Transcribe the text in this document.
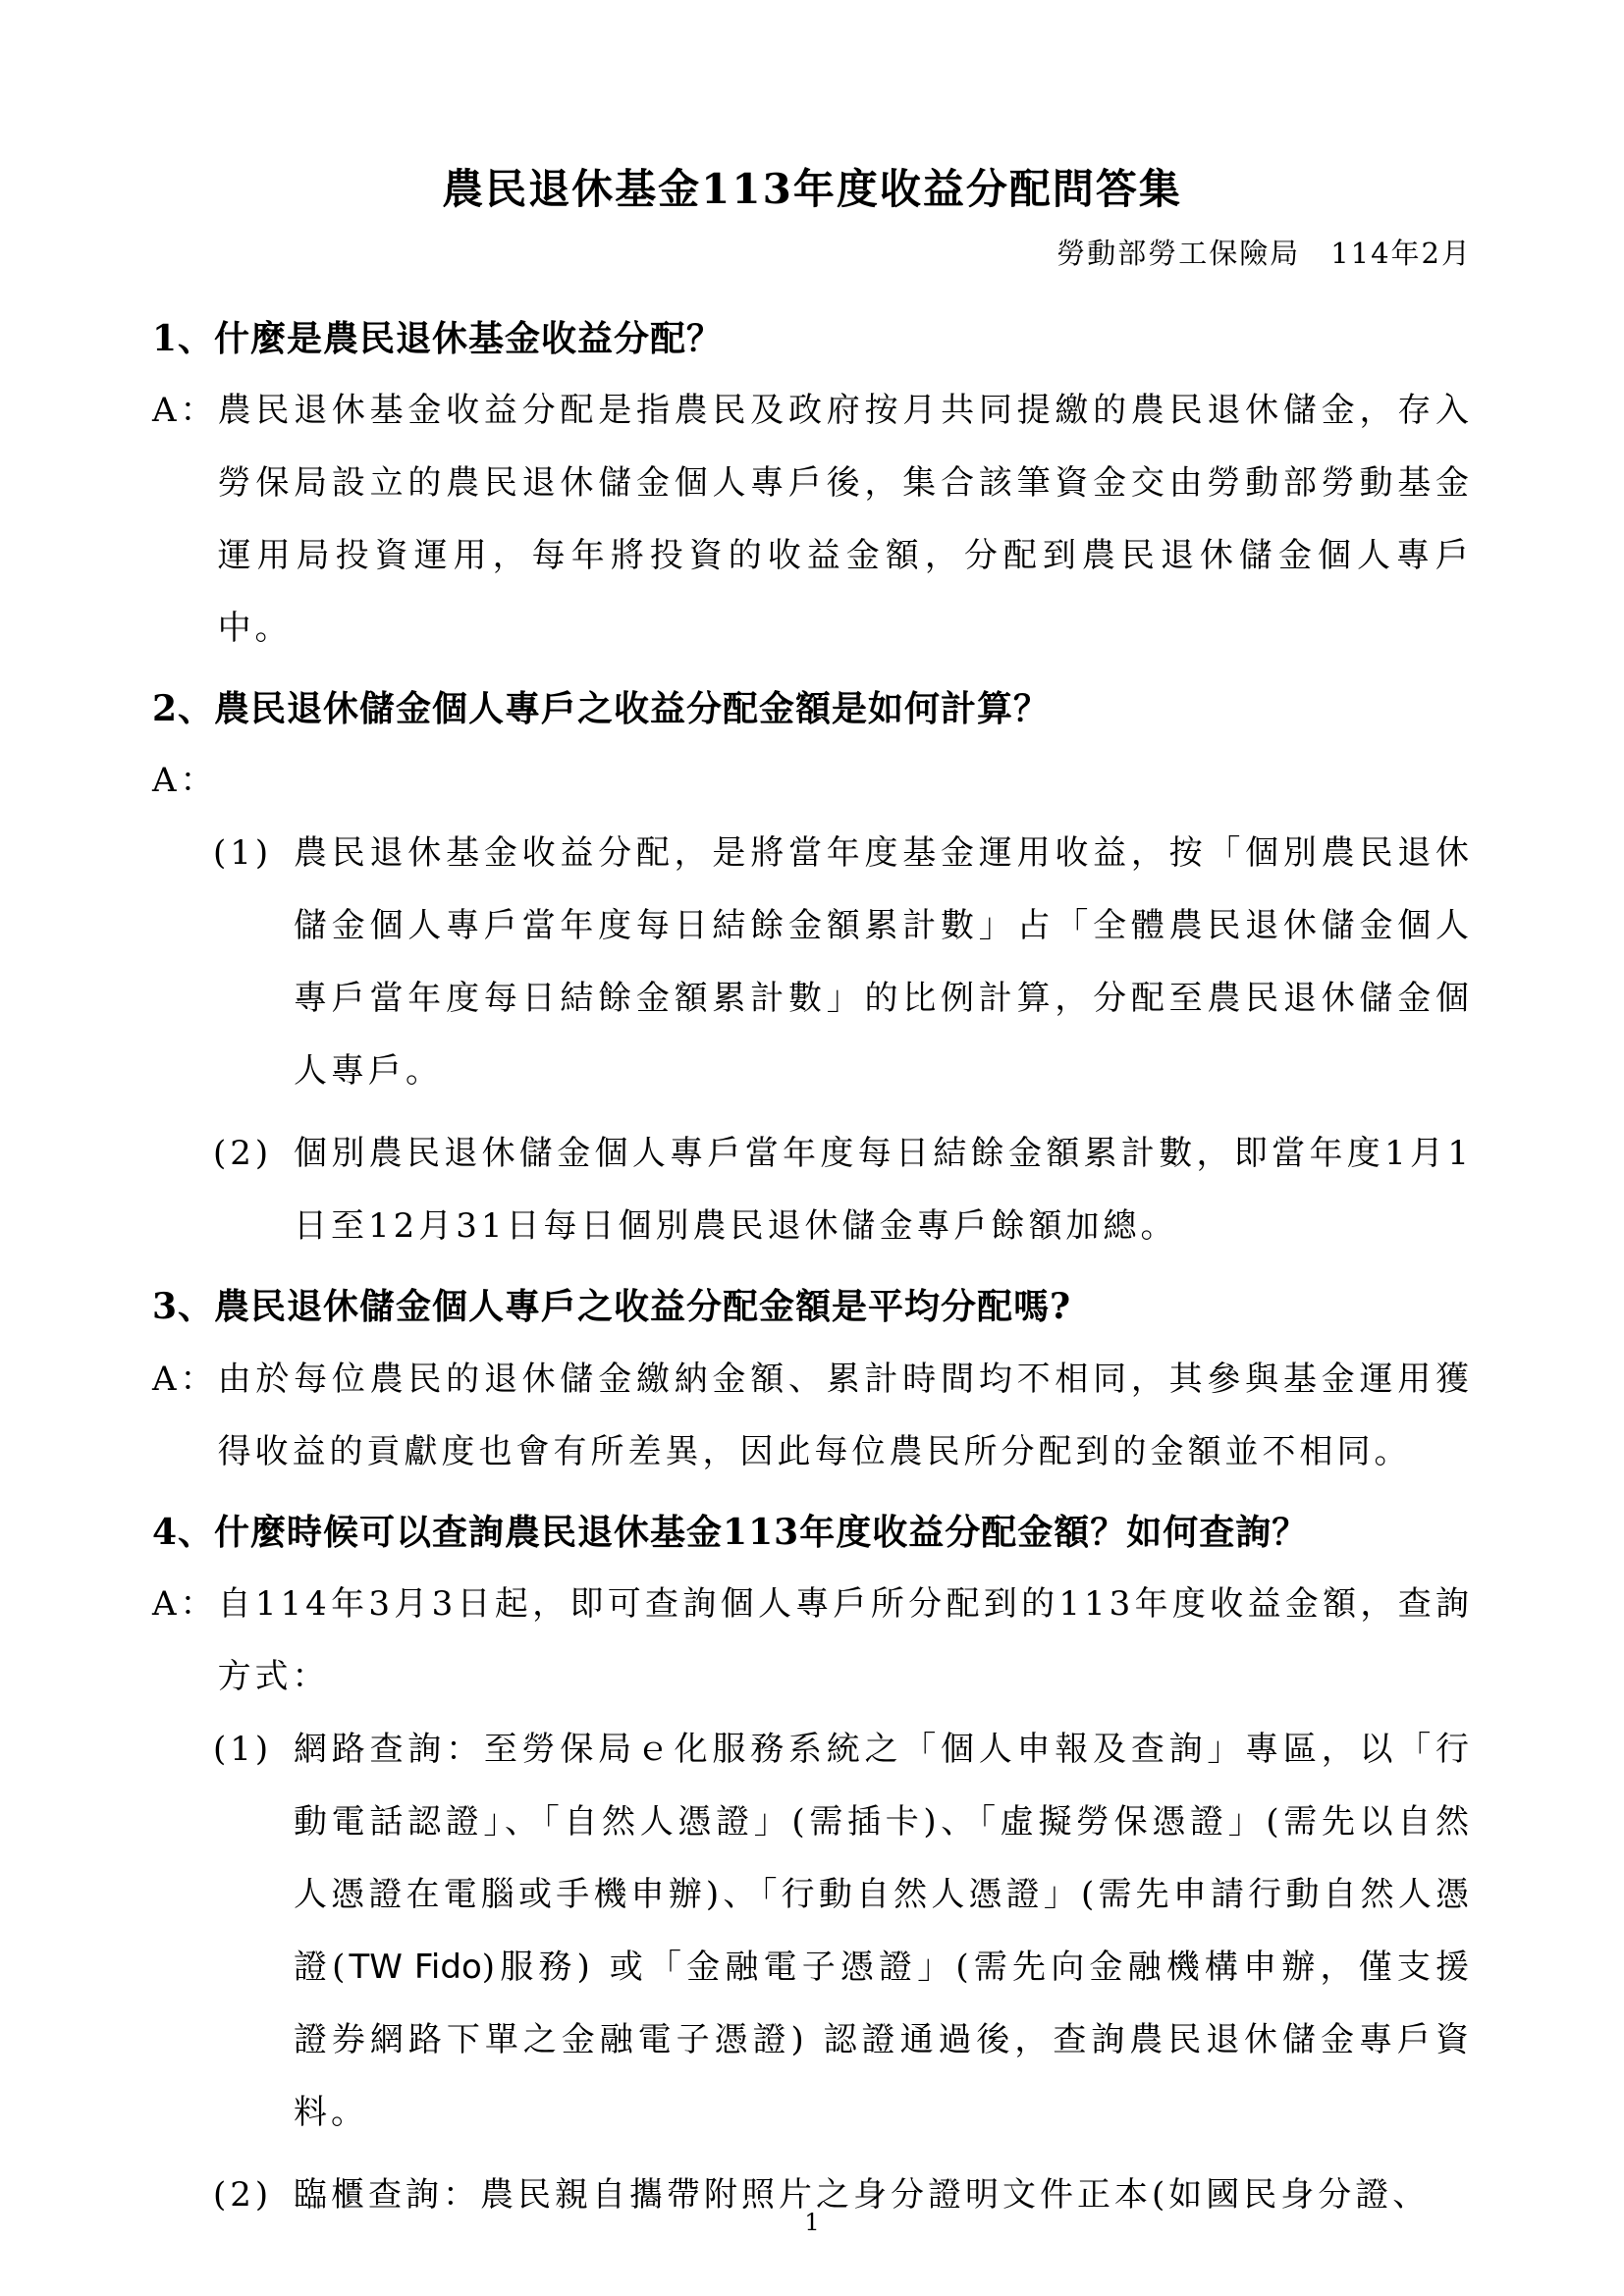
農民退休基金113年度收益分配問答集
勞動部勞工保險局　114年2月
1、什麼是農民退休基金收益分配？
A： 農民退休基金收益分配是指農民及政府按月共同提繳的農民退休儲金，存入勞保局設立的農民退休儲金個人專戶後，集合該筆資金交由勞動部勞動基金運用局投資運用，每年將投資的收益金額，分配到農民退休儲金個人專戶中。
2、農民退休儲金個人專戶之收益分配金額是如何計算？
A：
(1) 農民退休基金收益分配，是將當年度基金運用收益，按「個別農民退休儲金個人專戶當年度每日結餘金額累計數」占「全體農民退休儲金個人專戶當年度每日結餘金額累計數」的比例計算，分配至農民退休儲金個人專戶。
(2) 個別農民退休儲金個人專戶當年度每日結餘金額累計數，即當年度1月1日至12月31日每日個別農民退休儲金專戶餘額加總。
3、農民退休儲金個人專戶之收益分配金額是平均分配嗎?
A： 由於每位農民的退休儲金繳納金額、累計時間均不相同，其參與基金運用獲得收益的貢獻度也會有所差異，因此每位農民所分配到的金額並不相同。
4、什麼時候可以查詢農民退休基金113年度收益分配金額？如何查詢？
A： 自114年3月3日起，即可查詢個人專戶所分配到的113年度收益金額，查詢方式：
(1) 網路查詢：至勞保局ｅ化服務系統之「個人申報及查詢」專區，以「行動電話認證」、「自然人憑證」(需插卡)、「虛擬勞保憑證」(需先以自然人憑證在電腦或手機申辦)、「行動自然人憑證」(需先申請行動自然人憑證(TW Fido)服務) 或「金融電子憑證」(需先向金融機構申辦，僅支援證券網路下單之金融電子憑證) 認證通過後，查詢農民退休儲金專戶資料。
(2) 臨櫃查詢：農民親自攜帶附照片之身分證明文件正本(如國民身分證、
1
